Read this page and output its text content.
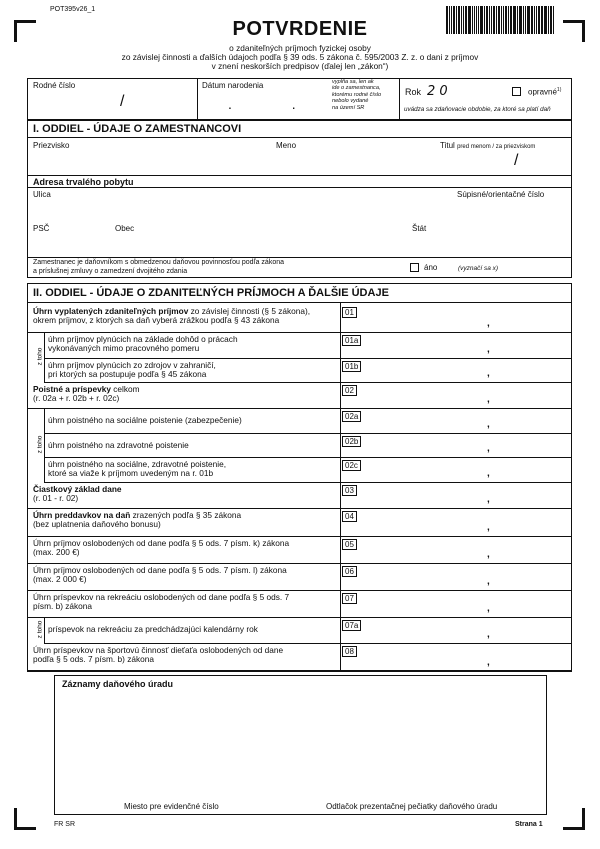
POT395v26_1
POTVRDENIE
o zdaniteľných príjmoch fyzickej osoby
zo závislej činnosti a ďalších údajoch podľa § 39 ods. 5 zákona č. 595/2003 Z. z. o dani z príjmov
v znení neskorších predpisov (ďalej len „zákon“)
Rodné číslo
/
Dátum narodenia
. .
vyplňa sa, len ak
ide o zamestnanca,
ktorému rodné číslo
nebolo vydané
na území SR
Rok 2 0	opravné$^{1)}$
uvádza sa zdaňovacie obdobie, za ktoré sa platí daň
I. ODDIEL - ÚDAJE O ZAMESTNANCOVI
Priezvisko	Meno	Titul pred menom / za priezviskom
/
Adresa trvalého pobytu
Ulica	Súpisné/orientačné číslo
PSČ	Obec	Štát
Zamestnanec je daňovníkom s obmedzenou daňovou povinnosťou podľa zákona
a príslušnej zmluvy o zamedzení dvojitého zdania	áno	(vyznačí sa x)
II. ODDIEL - ÚDAJE O ZDANITEĽNÝCH PRÍJMOCH A ĎALŠIE ÚDAJE
Úhrn vyplatených zdaniteľných príjmov zo závislej činnosti (§ 5 zákona),
okrem príjmov, z ktorých sa daň vyberá zrážkou podľa § 43 zákona
01
,
úhrn príjmov plynúcich na základe dohôd o prácach
vykonávaných mimo pracovného pomeru
01a
,
úhrn príjmov plynúcich zo zdrojov v zahraničí,
pri ktorých sa postupuje podľa § 45 zákona
01b
,
Poistné a príspevky celkom
(r. 02a + r. 02b + r. 02c)
02
,
úhrn poistného na sociálne poistenie (zabezpečenie)	02a
,
úhrn poistného na zdravotné poistenie	02b
,
úhrn poistného na sociálne, zdravotné poistenie,
ktoré sa viaže k príjmom uvedeným na r. 01b
02c
,
Čiastkový základ dane
(r. 01 - r. 02)
03
,
Úhrn preddavkov na daň zrazených podľa § 35 zákona
(bez uplatnenia daňového bonusu)
04
,
Úhrn príjmov oslobodených od dane podľa § 5 ods. 7 písm. k) zákona
(max. 200 €)
05
,
Úhrn príjmov oslobodených od dane podľa § 5 ods. 7 písm. l) zákona
(max. 2 000 €)
06
,
Úhrn príspevkov na rekreáciu oslobodených od dane podľa § 5 ods. 7
písm. b) zákona
07
,
príspevok na rekreáciu za predchádzajúci kalendárny rok	07a
,
Úhrn príspevkov na športovú činnosť dieťaťa oslobodených od dane
podľa § 5 ods. 7 písm. b) zákona
08
,
z toho
z toho
z toho
Záznamy daňového úradu
Miesto pre evidenčné číslo	Odtlačok prezentačnej pečiatky daňového úradu
FR SR	Strana 1
